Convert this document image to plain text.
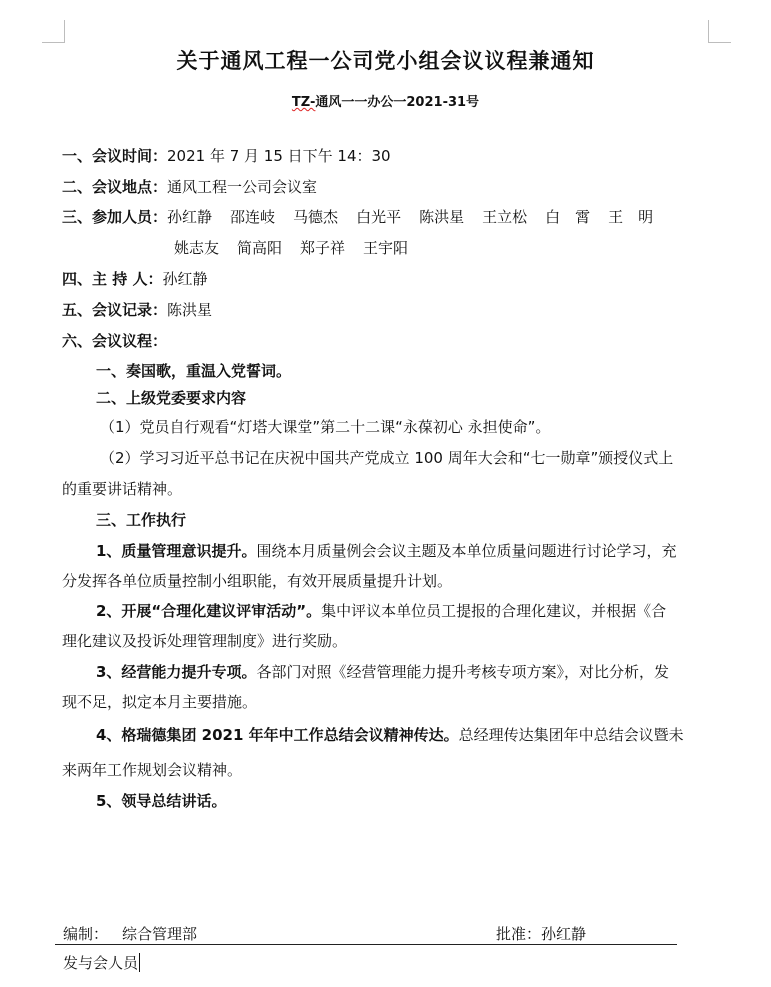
关于通风工程一公司党小组会议议程兼通知
TZ-通风一一办公一2021-31号
一、会议时间：2021 年 7 月 15 日下午 14：30
二、会议地点：通风工程一公司会议室
三、参加人员：孙红静 邵连岐 马德杰 白光平 陈洪星 王立松 白　霄 王　明
姚志友 简高阳 郑子祥 王宇阳
四、主 持 人：孙红静
五、会议记录：陈洪星
六、会议议程：
一、奏国歌，重温入党誓词。
二、上级党委要求内容
（1）党员自行观看“灯塔大课堂”第二十二课“永葆初心 永担使命”。
（2）学习习近平总书记在庆祝中国共产党成立 100 周年大会和“七一勋章”颁授仪式上
的重要讲话精神。
三、工作执行
1、质量管理意识提升。围绕本月质量例会会议主题及本单位质量问题进行讨论学习，充
分发挥各单位质量控制小组职能，有效开展质量提升计划。
2、开展“合理化建议评审活动”。集中评议本单位员工提报的合理化建议，并根据《合
理化建议及投诉处理管理制度》进行奖励。
3、经营能力提升专项。各部门对照《经营管理能力提升考核专项方案》，对比分析，发
现不足，拟定本月主要措施。
4、格瑞德集团 2021 年年中工作总结会议精神传达。总经理传达集团年中总结会议暨未
来两年工作规划会议精神。
5、领导总结讲话。
编制： 综合管理部	批准：孙红静
发与会人员
